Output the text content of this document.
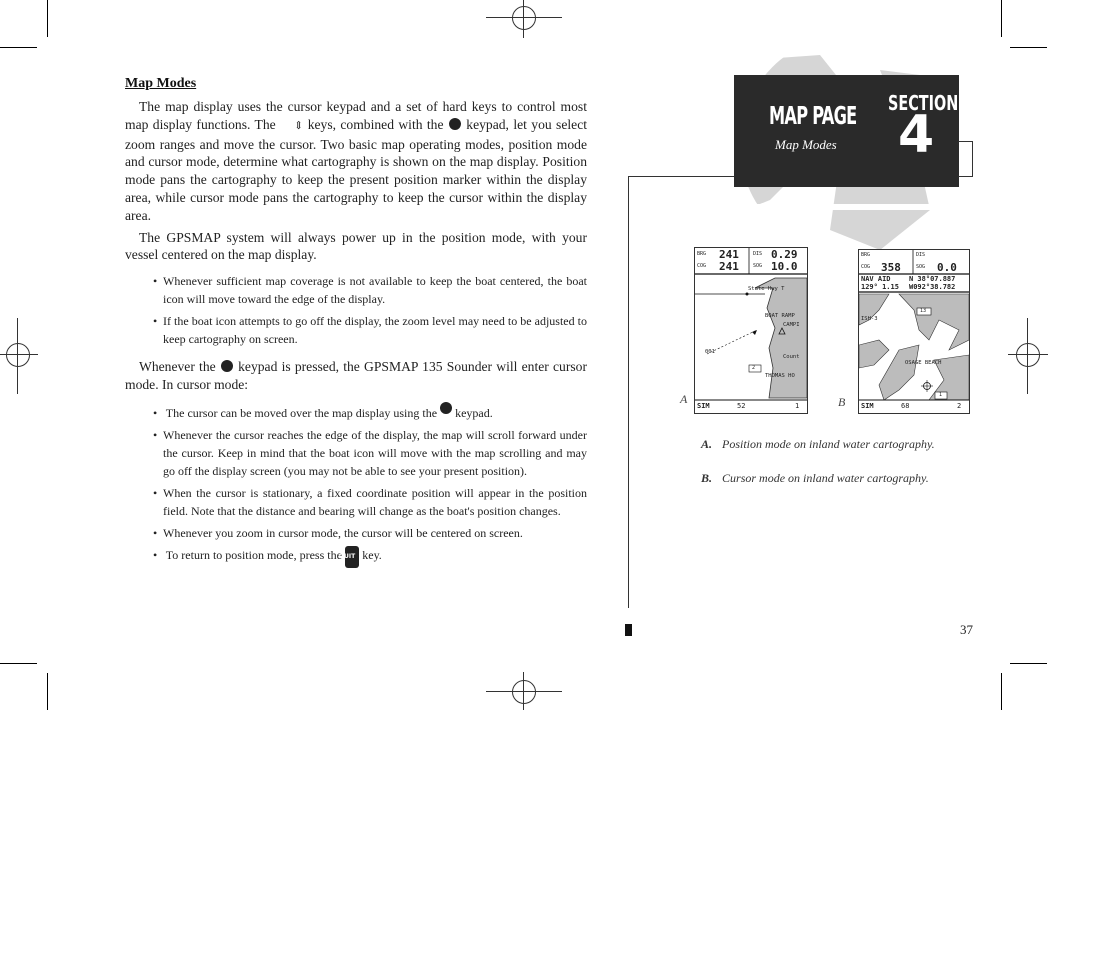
Map Modes

The map display uses the cursor keypad and a set of hard keys to control most map display functions. The ⇕ keys, combined with the keypad, let you select zoom ranges and move the cursor. Two basic map operating modes, position mode and cursor mode, determine what cartography is shown on the map display. Position mode pans the cartography to keep the present position marker within the display area, while cursor mode pans the cartography to keep the cursor within the display area.

The GPSMAP system will always power up in the position mode, with your vessel centered on the map display.

• Whenever sufficient map coverage is not available to keep the boat centered, the boat icon will move toward the edge of the display.
• If the boat icon attempts to go off the display, the zoom level may need to be adjusted to keep cartography on screen.

Whenever the keypad is pressed, the GPSMAP 135 Sounder will enter cursor mode. In cursor mode:

• The cursor can be moved over the map display using the keypad.
• Whenever the cursor reaches the edge of the display, the map will scroll forward under the cursor. Keep in mind that the boat icon will move with the map scrolling and may go off the display screen (you may not be able to see your present position).
• When the cursor is stationary, a fixed coordinate position will appear in the position field. Note that the distance and bearing will change as the boat's position changes.
• Whenever you zoom in cursor mode, the cursor will be centered on screen.
• To return to position mode, press the QUIT key.
MAP PAGE
Map Modes
SECTION
4
A
BRG 241	DIS 0.29
COG 241	SOG 10.0
State Hwy T
BOAT RAMP
CAMPI
001
Count
2
THOMAS HO
SIM	52	1	B
BRG	DIS
COG 358	SOG 0.0
NAV AID	N 38°07.887
129° 1.15 W092°38.782
ISH-3
13
OSAGE BEACH
1
SIM	68	2
A. Position mode on inland water cartography.
B. Cursor mode on inland water cartography.
37
